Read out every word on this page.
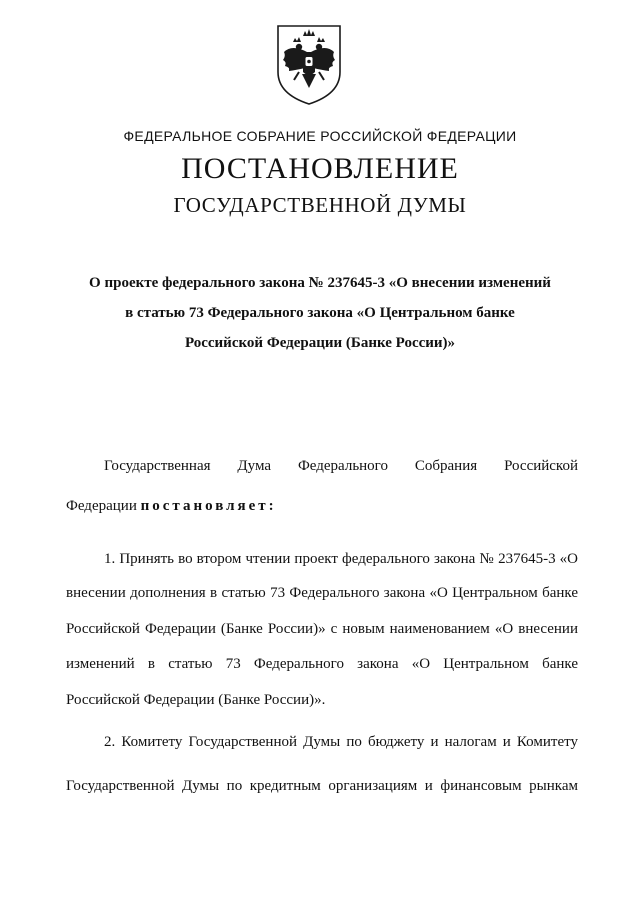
ФЕДЕРАЛЬНОЕ СОБРАНИЕ РОССИЙСКОЙ ФЕДЕРАЦИИ

ПОСТАНОВЛЕНИЕ

ГОСУДАРСТВЕННОЙ ДУМЫ

О проекте федерального закона № 237645-3 «О внесении изменений
в статью 73 Федерального закона «О Центральном банке
Российской Федерации (Банке России)»
Государственная Дума Федерального Собрания Российской
Федерации постановляет:
1. Принять во втором чтении проект федерального закона № 237645-3 «О
внесении дополнения в статью 73 Федерального закона «О Центральном банке
Российской Федерации (Банке России)» с новым наименованием «О внесении
изменений в статью 73 Федерального закона «О Центральном банке
Российской Федерации (Банке России)».
2. Комитету Государственной Думы по бюджету и налогам и Комитету
Государственной Думы по кредитным организациям и финансовым рынкам
